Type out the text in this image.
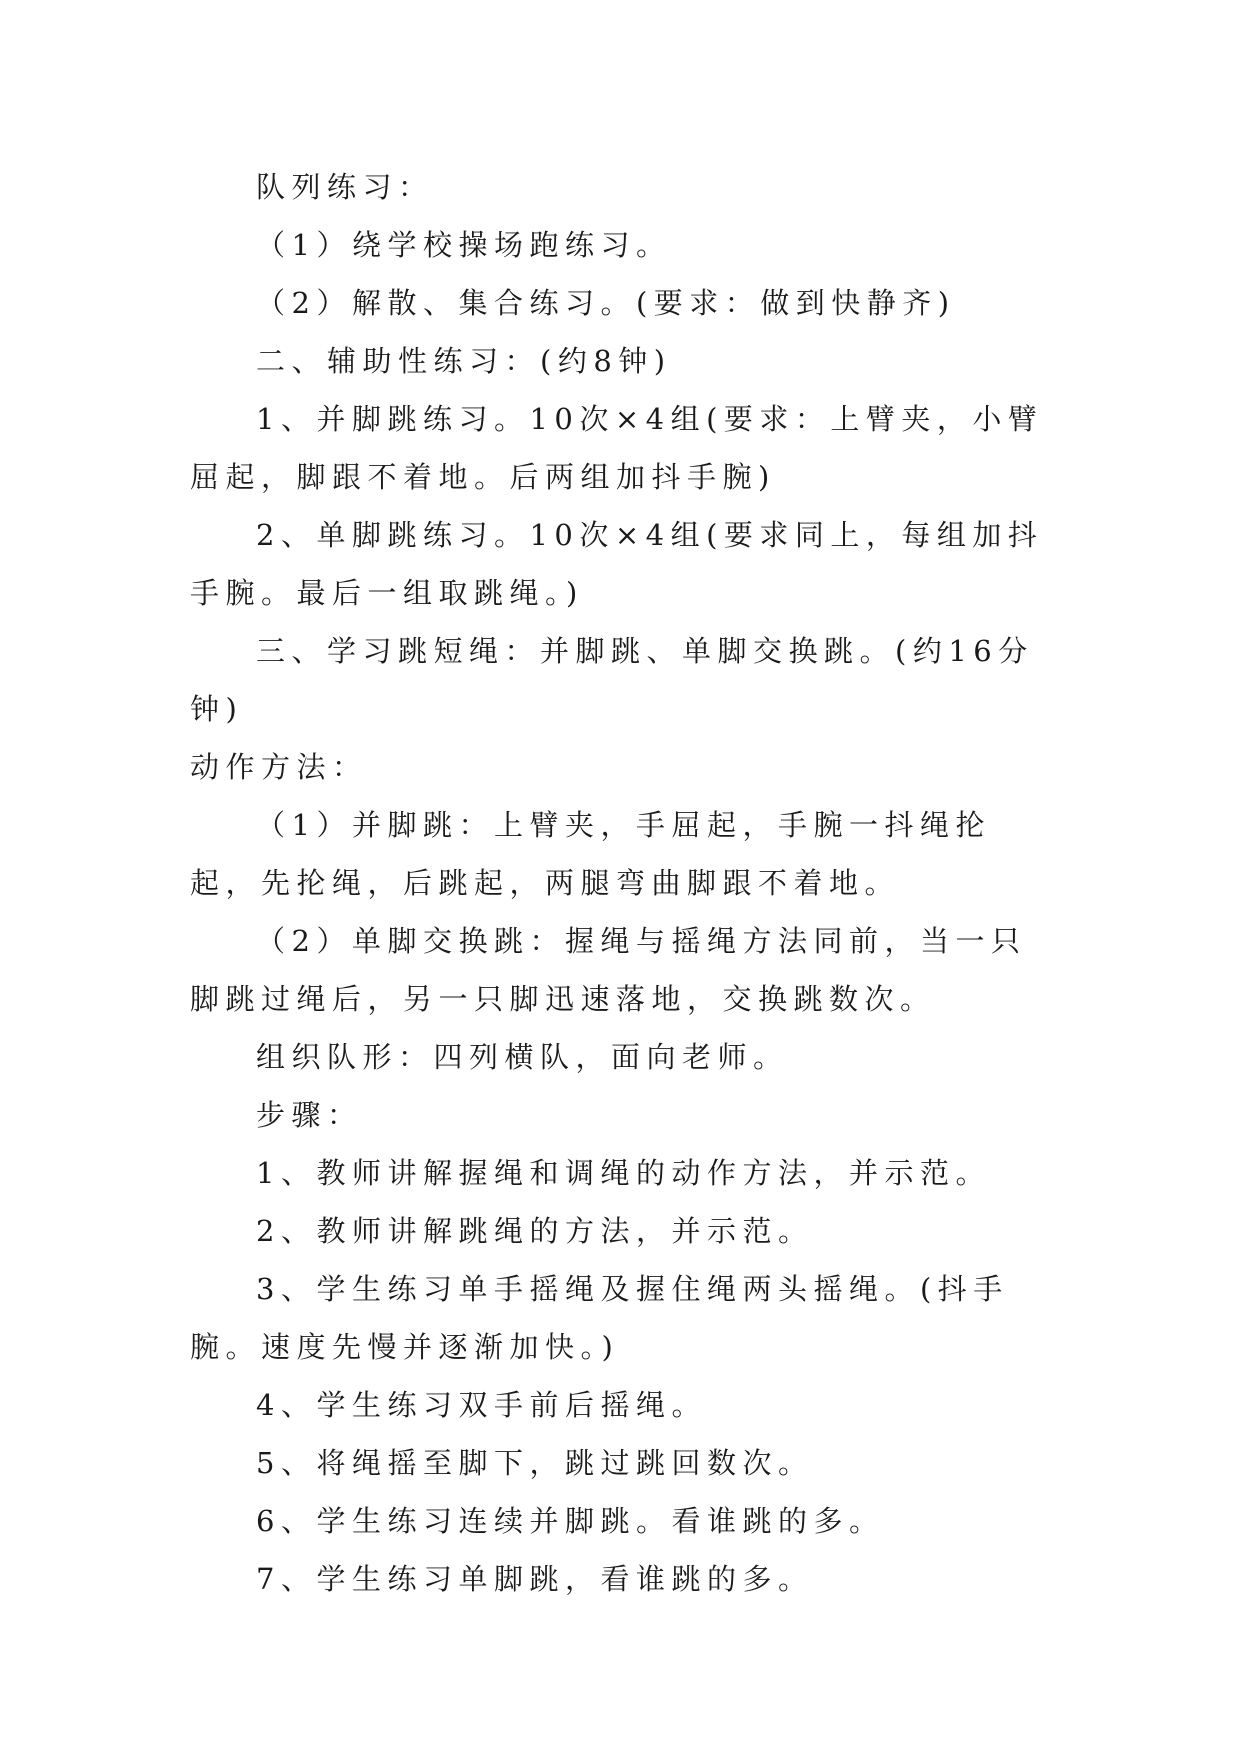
队列练习：

（1）绕学校操场跑练习。

（2）解散、集合练习。(要求：做到快静齐)

二、辅助性练习：(约8钟)

1、并脚跳练习。10次×4组(要求：上臂夹，小臂屈起，脚跟不着地。后两组加抖手腕)

2、单脚跳练习。10次×4组(要求同上，每组加抖手腕。最后一组取跳绳。)

三、学习跳短绳：并脚跳、单脚交换跳。(约16分钟)

动作方法：

（1）并脚跳：上臂夹，手屈起，手腕一抖绳抡起，先抡绳，后跳起，两腿弯曲脚跟不着地。

（2）单脚交换跳：握绳与摇绳方法同前，当一只脚跳过绳后，另一只脚迅速落地，交换跳数次。

组织队形：四列横队，面向老师。

步骤：

1、教师讲解握绳和调绳的动作方法，并示范。

2、教师讲解跳绳的方法，并示范。

3、学生练习单手摇绳及握住绳两头摇绳。(抖手腕。速度先慢并逐渐加快。)

4、学生练习双手前后摇绳。

5、将绳摇至脚下，跳过跳回数次。

6、学生练习连续并脚跳。看谁跳的多。

7、学生练习单脚跳，看谁跳的多。
